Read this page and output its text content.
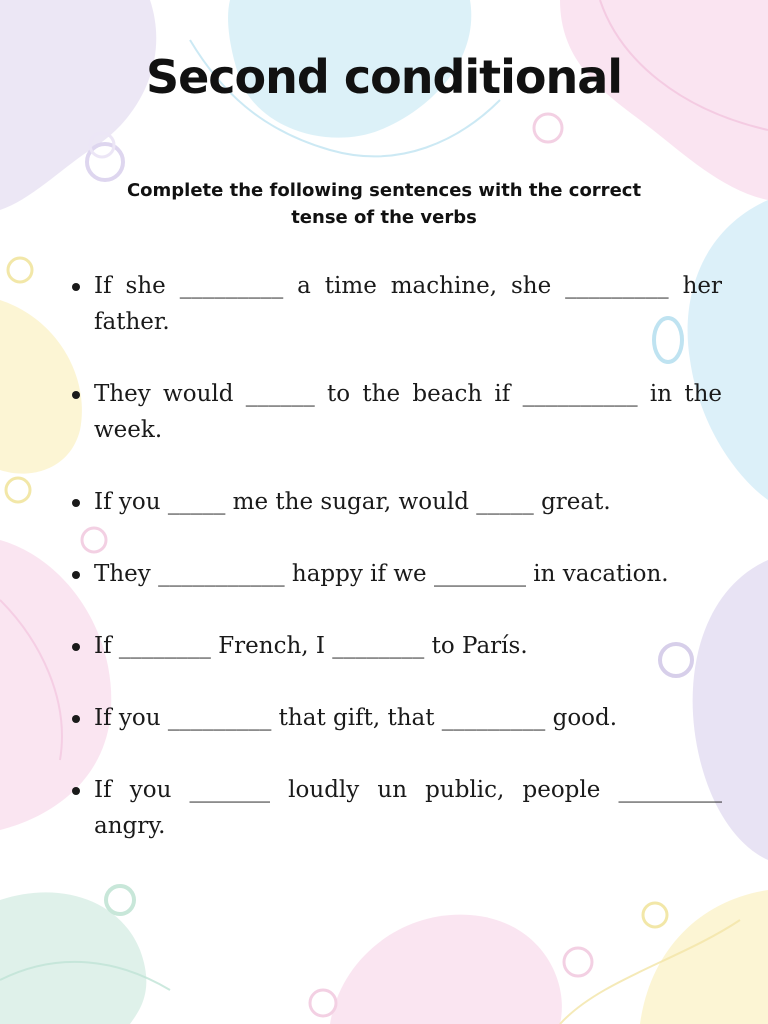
Second conditional

Complete the following sentences with the correct tense of the verbs

If she _________ a time machine, she _________ her father.
They would ______ to the beach if __________ in the week.
If you _____ me the sugar, would _____ great.
They ___________ happy if we ________ in vacation.
If ________ French, I ________ to París.
If you _________ that gift, that _________ good.
If you _______ loudly un public, people _________ angry.
